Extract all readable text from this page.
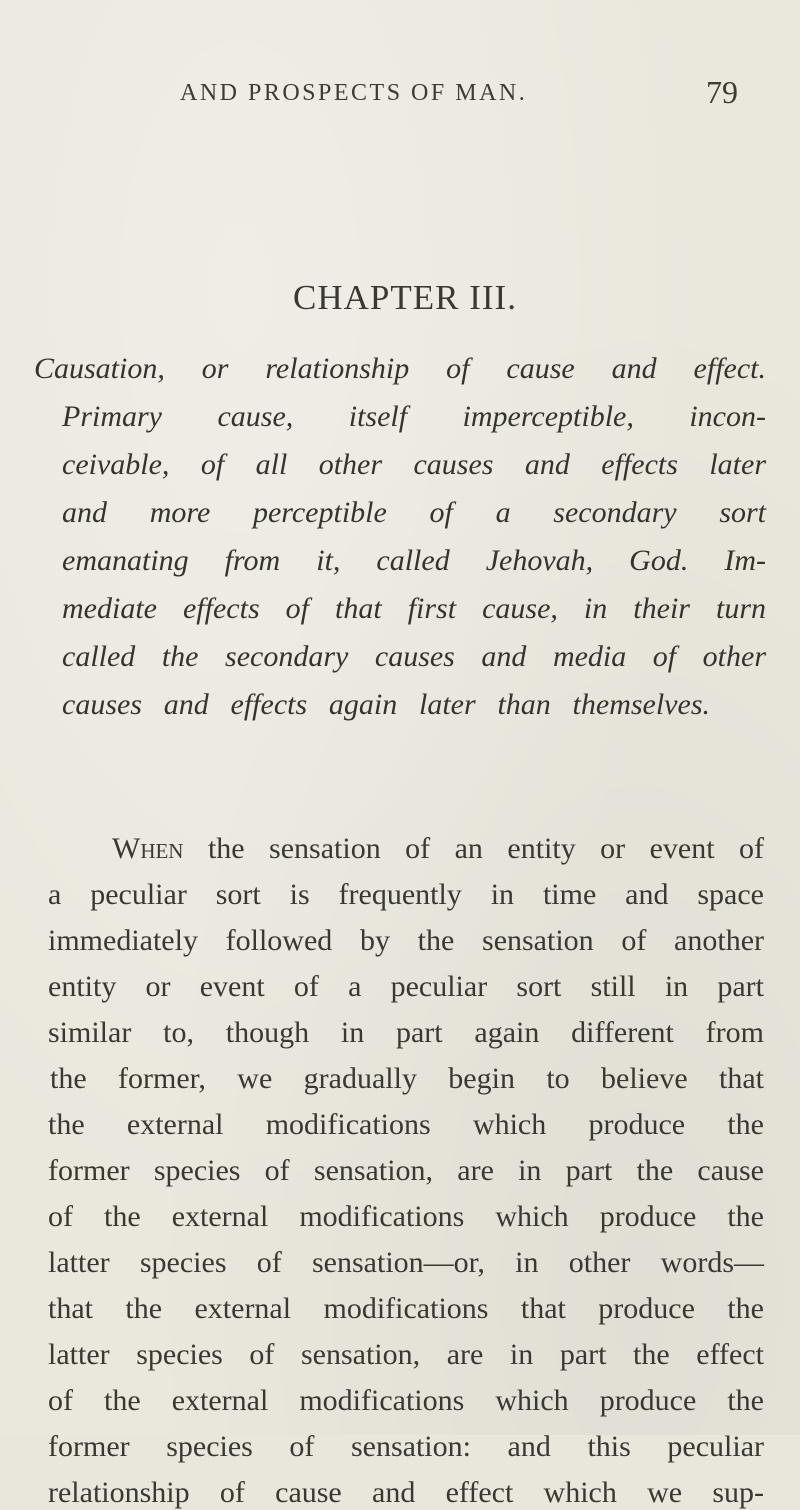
AND PROSPECTS OF MAN.	79
CHAPTER III.
Causation, or relationship of cause and effect.
Primary cause, itself imperceptible, incon-
ceivable, of all other causes and effects later
and more perceptible of a secondary sort
emanating from it, called Jehovah, God. Im-
mediate effects of that first cause, in their turn
called the secondary causes and media of other
causes and effects again later than themselves.
When the sensation of an entity or event of
a peculiar sort is frequently in time and space
immediately followed by the sensation of another
entity or event of a peculiar sort still in part
similar to, though in part again different from
the former, we gradually begin to believe that
the external modifications which produce the
former species of sensation, are in part the cause
of the external modifications which produce the
latter species of sensation—or, in other words—
that the external modifications that produce the
latter species of sensation, are in part the effect
of the external modifications which produce the
former species of sensation: and this peculiar
relationship of cause and effect which we sup-
